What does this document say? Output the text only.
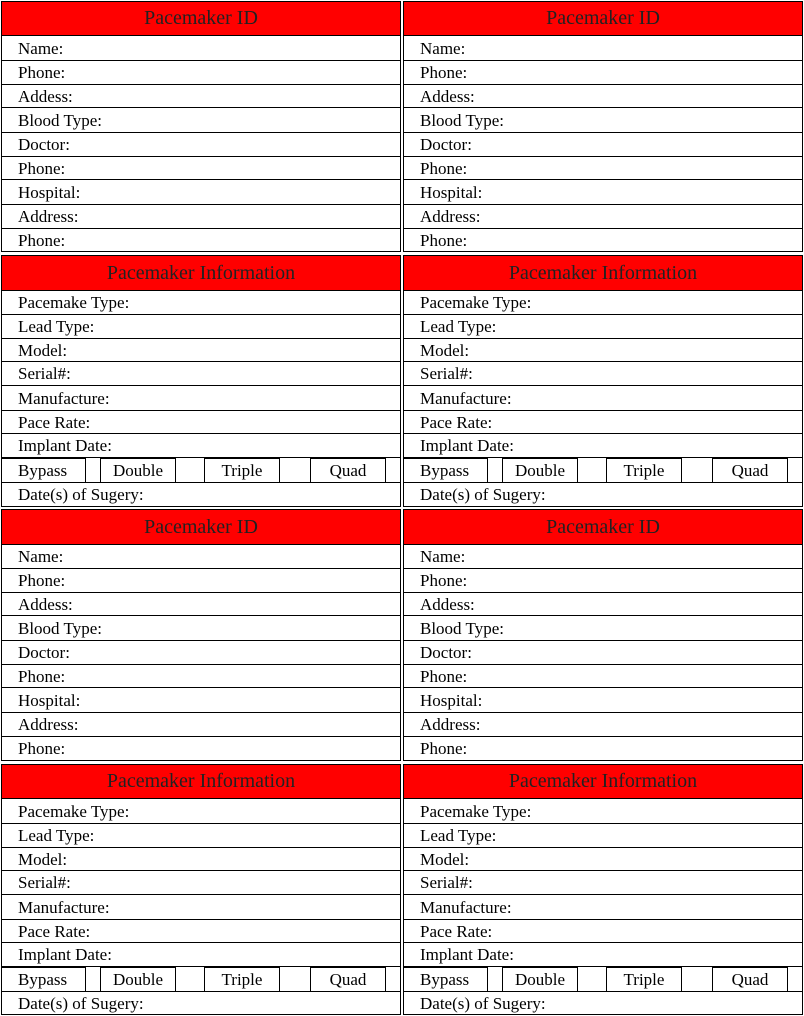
Pacemaker ID
Name:
Phone:
Addess:
Blood Type:
Doctor:
Phone:
Hospital:
Address:
Phone:
Pacemaker ID
Name:
Phone:
Addess:
Blood Type:
Doctor:
Phone:
Hospital:
Address:
Phone:
Pacemaker Information
Pacemake Type:
Lead Type:
Model:
Serial#:
Manufacture:
Pace Rate:
Implant Date:
Bypass	Double	Triple	Quad
Date(s) of Sugery:
Pacemaker Information
Pacemake Type:
Lead Type:
Model:
Serial#:
Manufacture:
Pace Rate:
Implant Date:
Bypass	Double	Triple	Quad
Date(s) of Sugery:
Pacemaker ID
Name:
Phone:
Addess:
Blood Type:
Doctor:
Phone:
Hospital:
Address:
Phone:
Pacemaker ID
Name:
Phone:
Addess:
Blood Type:
Doctor:
Phone:
Hospital:
Address:
Phone:
Pacemaker Information
Pacemake Type:
Lead Type:
Model:
Serial#:
Manufacture:
Pace Rate:
Implant Date:
Bypass	Double	Triple	Quad
Date(s) of Sugery:
Pacemaker Information
Pacemake Type:
Lead Type:
Model:
Serial#:
Manufacture:
Pace Rate:
Implant Date:
Bypass	Double	Triple	Quad
Date(s) of Sugery:
